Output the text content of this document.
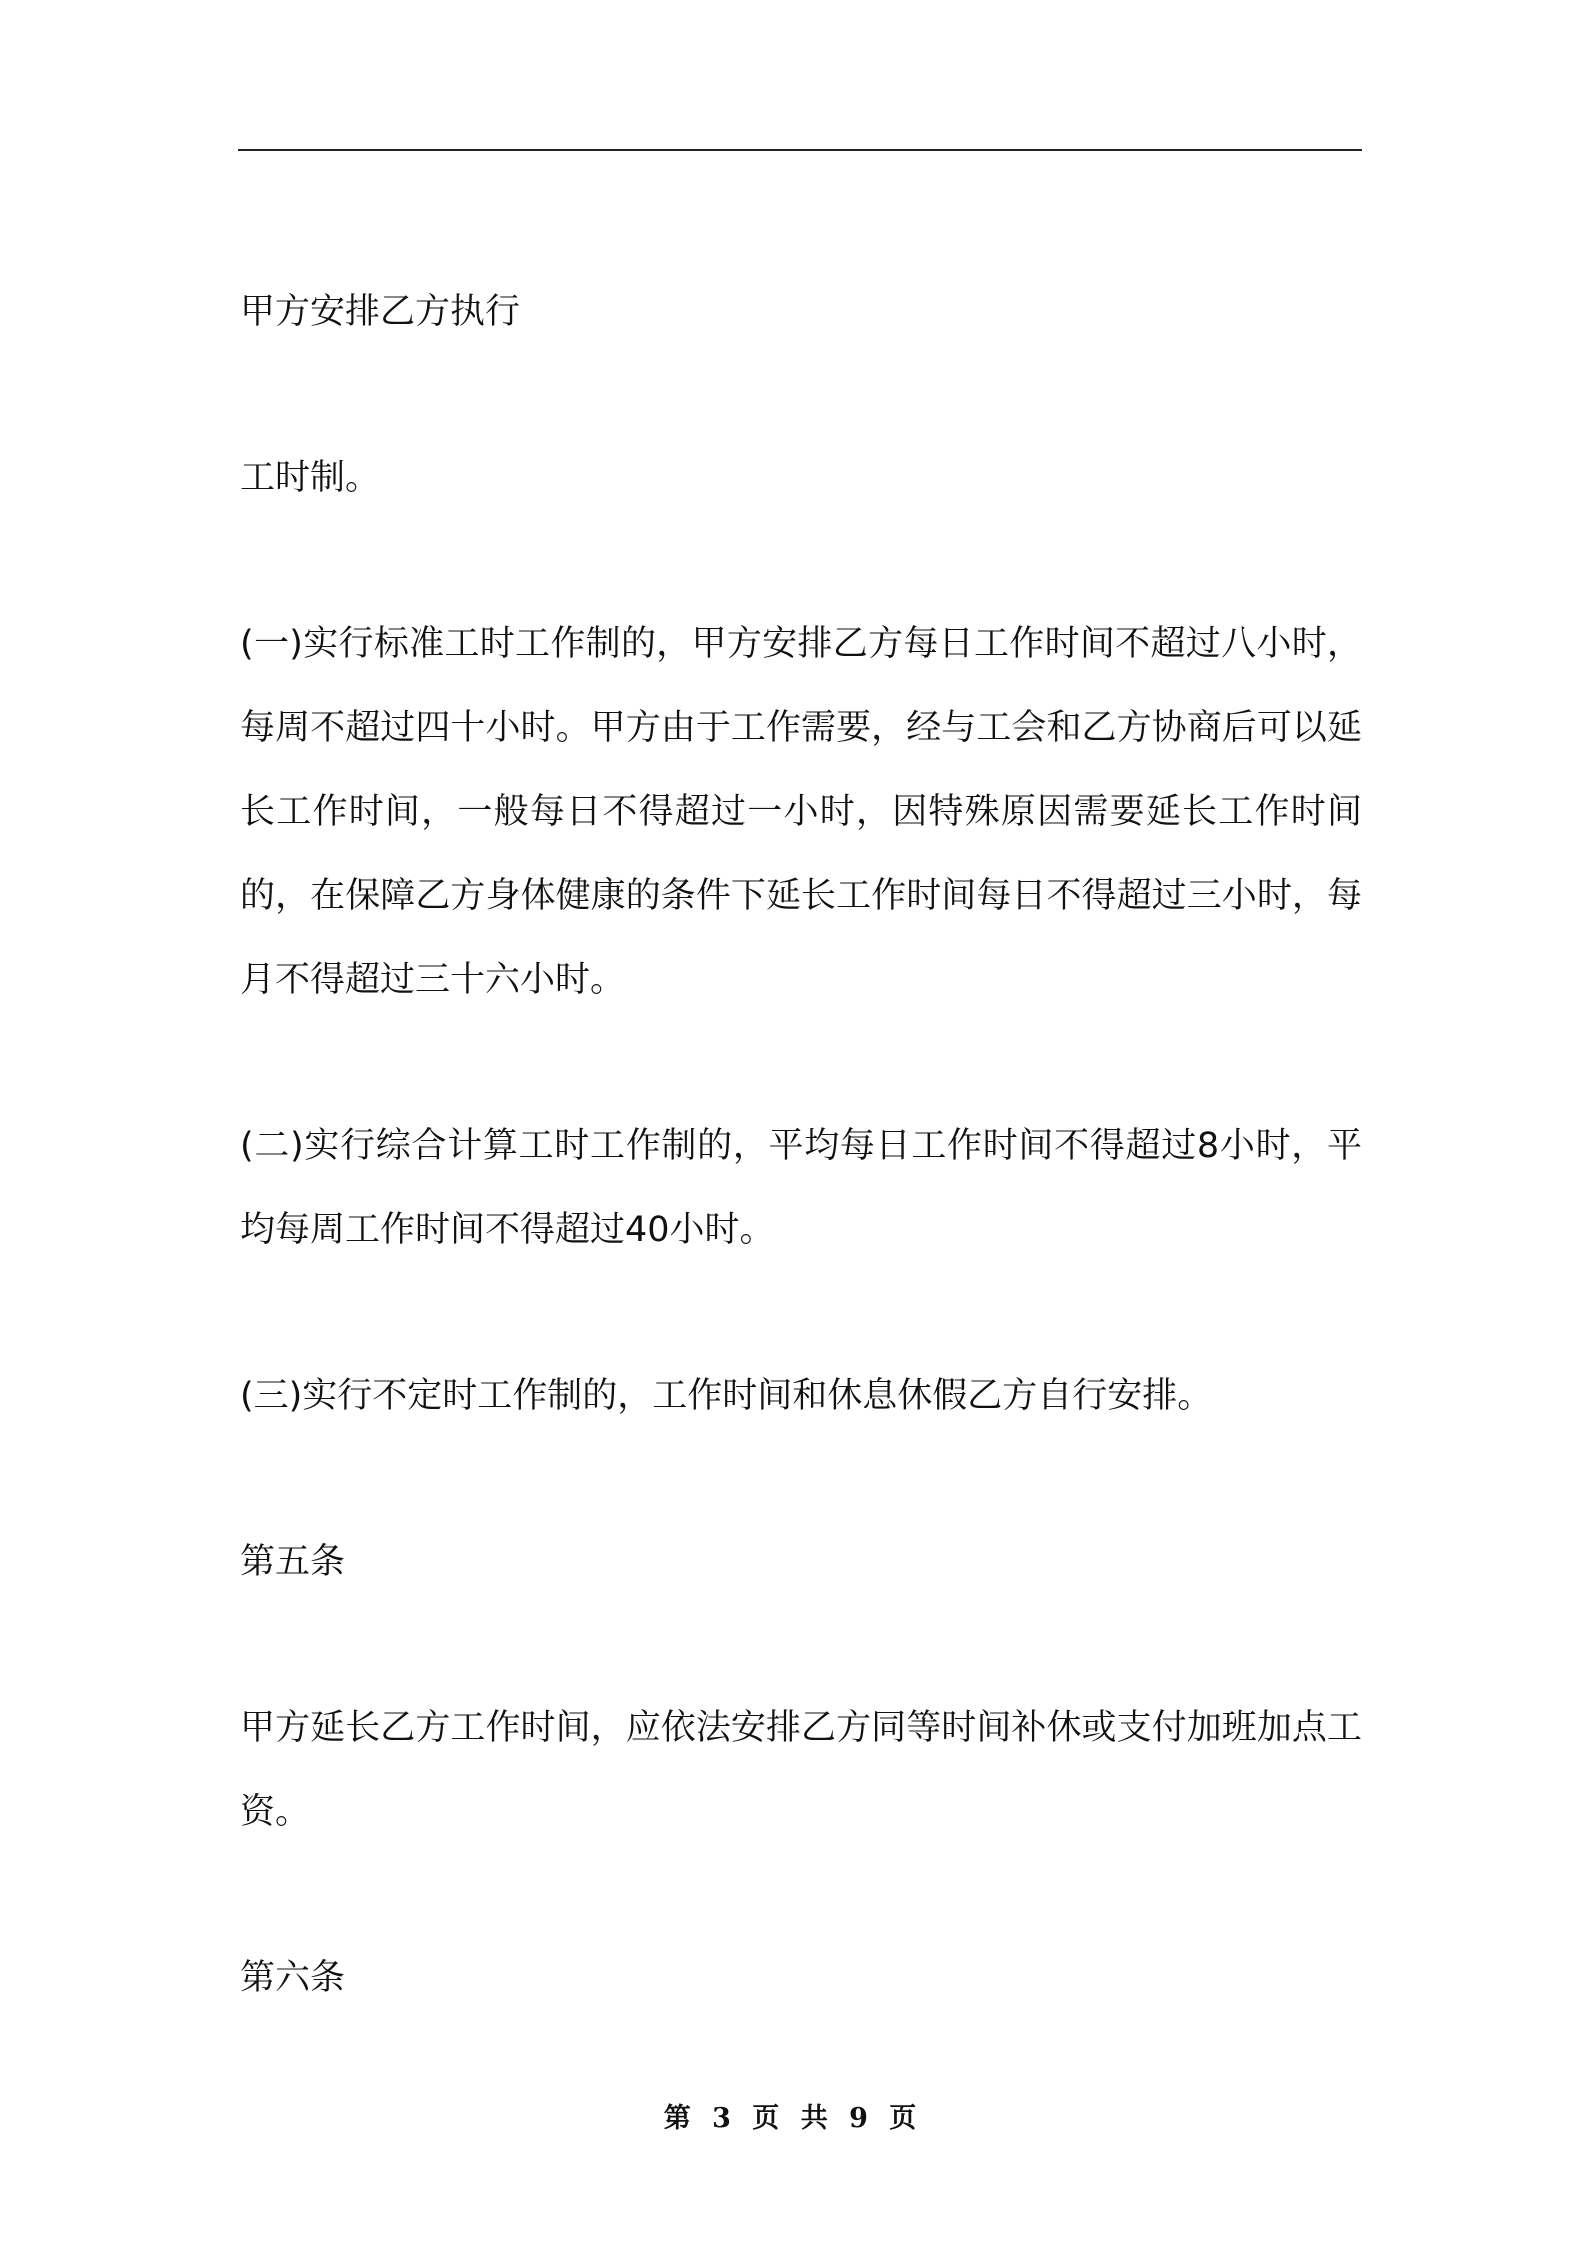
甲方安排乙方执行

工时制。

(一)实行标准工时工作制的，甲方安排乙方每日工作时间不超过八小时，每周不超过四十小时。甲方由于工作需要，经与工会和乙方协商后可以延长工作时间，一般每日不得超过一小时，因特殊原因需要延长工作时间的，在保障乙方身体健康的条件下延长工作时间每日不得超过三小时，每月不得超过三十六小时。

(二)实行综合计算工时工作制的，平均每日工作时间不得超过8小时，平均每周工作时间不得超过40小时。

(三)实行不定时工作制的，工作时间和休息休假乙方自行安排。

第五条

甲方延长乙方工作时间，应依法安排乙方同等时间补休或支付加班加点工资。

第六条

第 3 页 共 9 页
